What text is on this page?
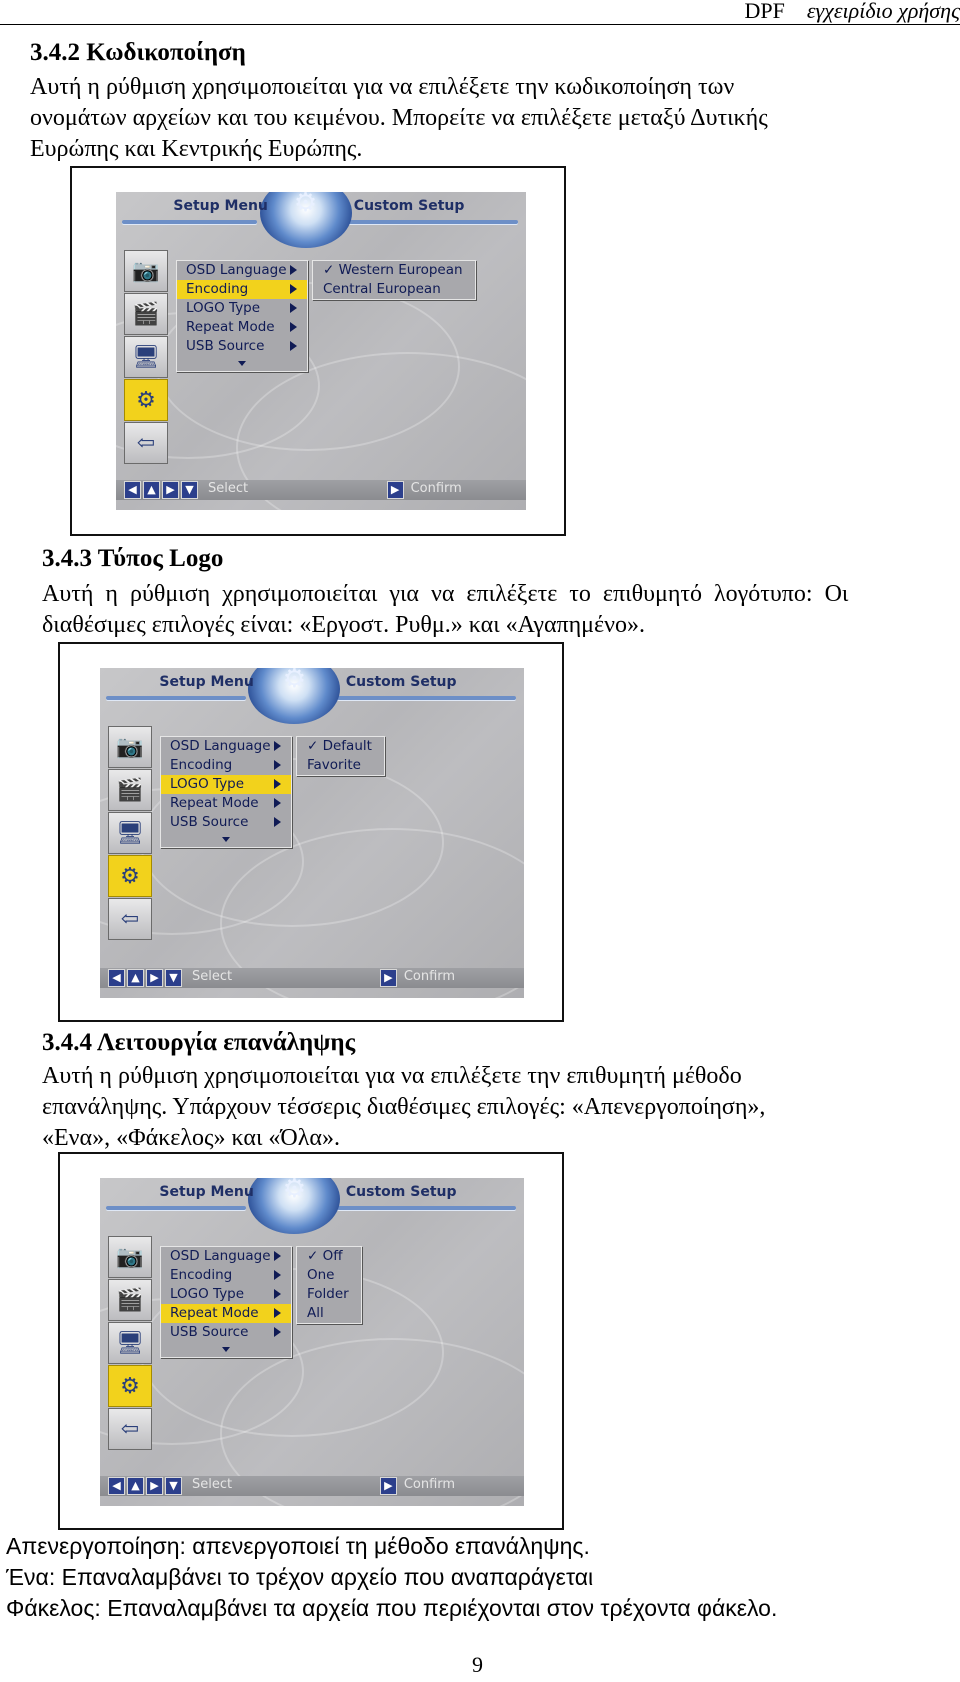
DPF εγχειρίδιο χρήσης
3.4.2 Κωδικοποίηση
Αυτή η ρύθμιση χρησιμοποιείται για να επιλέξετε την κωδικοποίηση των
ονομάτων αρχείων και του κειμένου. Μπορείτε να επιλέξετε μεταξύ Δυτικής
Ευρώπης και Κεντρικής Ευρώπης.
⚙
Setup Menu	Custom Setup
📷
🎬
🖥
⚙
⇦
OSD Language
Encoding
LOGO Type
Repeat Mode
USB Source
✓ Western European
Central European
◀ ▲ ▶ ▼	Select	▶ Confirm
3.4.3 Τύπος Logo
Αυτή η ρύθμιση χρησιμοποιείται για να επιλέξετε το επιθυμητό λογότυπο: Οι
διαθέσιμες επιλογές είναι: «Εργοστ. Ρυθμ.» και «Αγαπημένο».
⚙
Setup Menu	Custom Setup
📷
🎬
🖥
⚙
⇦
OSD Language
Encoding
LOGO Type
Repeat Mode
USB Source
✓ Default
Favorite
◀ ▲ ▶ ▼	Select	▶ Confirm
3.4.4 Λειτουργία επανάληψης
Αυτή η ρύθμιση χρησιμοποιείται για να επιλέξετε την επιθυμητή μέθοδο
επανάληψης. Υπάρχουν τέσσερις διαθέσιμες επιλογές: «Απενεργοποίηση»,
«Ενα», «Φάκελος» και «Όλα».
⚙
Setup Menu	Custom Setup
📷
🎬
🖥
⚙
⇦
OSD Language
Encoding
LOGO Type
Repeat Mode
USB Source
✓ Off
One
Folder
All
◀ ▲ ▶ ▼	Select	▶ Confirm
Απενεργοποίηση: απενεργοποιεί τη μέθοδο επανάληψης.
Ένα: Επαναλαμβάνει το τρέχον αρχείο που αναπαράγεται
Φάκελος: Επαναλαμβάνει τα αρχεία που περιέχονται στον τρέχοντα φάκελο.
9
